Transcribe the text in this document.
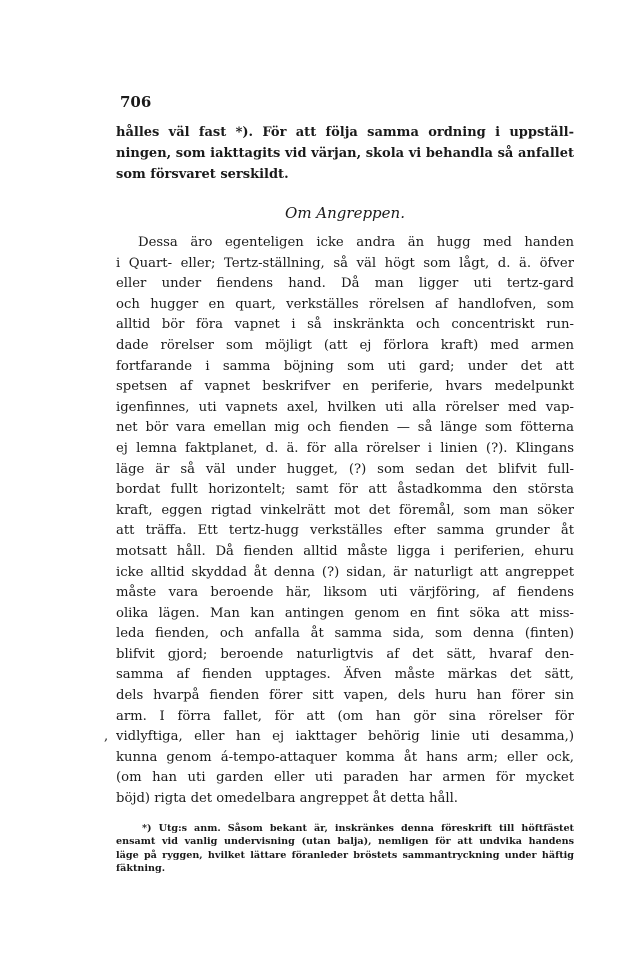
706

hålles väl fast *). För att följa samma ordning i uppställ-
ningen, som iakttagits vid värjan, skola vi behandla så anfallet
som försvaret serskildt.

Om Angreppen.
,

Dessa äro egenteligen icke andra än hugg med handen
i Quart- eller; Tertz-ställning, så väl högt som lågt, d. ä. öfver
eller under fiendens hand. Då man ligger uti tertz-gard
och hugger en quart, verkställes rörelsen af handlofven, som
alltid bör föra vapnet i så inskränkta och concentriskt run-
dade rörelser som möjligt (att ej förlora kraft) med armen
fortfarande i samma böjning som uti gard; under det att
spetsen af vapnet beskrifver en periferie, hvars medelpunkt
igenfinnes, uti vapnets axel, hvilken uti alla rörelser med vap-
net bör vara emellan mig och fienden — så länge som fötterna
ej lemna faktplanet, d. ä. för alla rörelser i linien (?). Klingans
läge är så väl under hugget, (?) som sedan det blifvit full-
bordat fullt horizontelt; samt för att åstadkomma den största
kraft, eggen rigtad vinkelrätt mot det föremål, som man söker
att träffa. Ett tertz-hugg verkställes efter samma grunder åt
motsatt håll. Då fienden alltid måste ligga i periferien, ehuru
icke alltid skyddad åt denna (?) sidan, är naturligt att angreppet
måste vara beroende här, liksom uti värjföring, af fiendens
olika lägen. Man kan antingen genom en fint söka att miss-
leda fienden, och anfalla åt samma sida, som denna (finten)
blifvit gjord; beroende naturligtvis af det sätt, hvaraf den-
samma af fienden upptages. Äfven måste märkas det sätt,
dels hvarpå fienden förer sitt vapen, dels huru han förer sin
arm. I förra fallet, för att (om han gör sina rörelser för
vidlyftiga, eller han ej iakttager behörig linie uti desamma,)
kunna genom á-tempo-attaquer komma åt hans arm; eller ock,
(om han uti garden eller uti paraden har armen för mycket
böjd) rigta det omedelbara angreppet åt detta håll.

*) Utg:s anm. Såsom bekant är, inskränkes denna föreskrift till höftfästet
ensamt vid vanlig undervisning (utan balja), nemligen för att undvika handens
läge på ryggen, hvilket lättare föranleder bröstets sammantryckning under häftig
fäktning.
